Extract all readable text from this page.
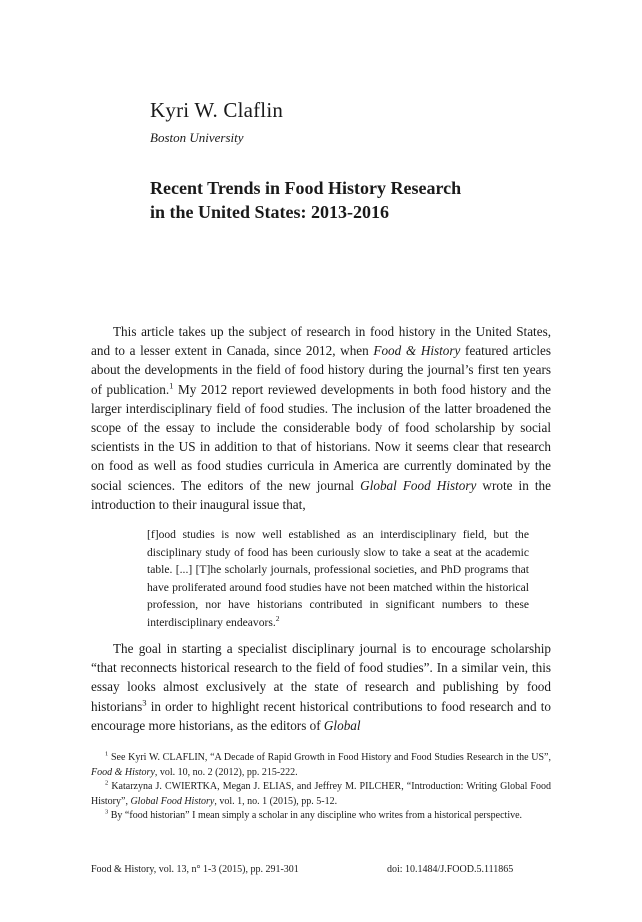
Kyri W. Claflin
Boston University
Recent Trends in Food History Research
in the United States: 2013-2016

This article takes up the subject of research in food history in the United States, and to a lesser extent in Canada, since 2012, when Food & History featured articles about the developments in the field of food history during the journal’s first ten years of publication.$^1$ My 2012 report reviewed developments in both food history and the larger interdisciplinary field of food studies. The inclusion of the latter broadened the scope of the essay to include the considerable body of food scholarship by social scientists in the US in addition to that of historians. Now it seems clear that research on food as well as food studies curricula in America are currently dominated by the social sciences. The editors of the new journal Global Food History wrote in the introduction to their inaugural issue that,

[f]ood studies is now well established as an interdisciplinary field, but the disciplinary study of food has been curiously slow to take a seat at the academic table. [...] [T]he scholarly journals, professional societies, and PhD programs that have proliferated around food studies have not been matched within the historical profession, nor have historians contributed in significant numbers to these interdisciplinary endeavors.$^2$

The goal in starting a specialist disciplinary journal is to encourage scholarship “that reconnects historical research to the field of food studies”. In a similar vein, this essay looks almost exclusively at the state of research and publishing by food historians$^3$ in order to highlight recent historical contributions to food research and to encourage more historians, as the editors of Global

$^1$ See Kyri W. CLAFLIN, “A Decade of Rapid Growth in Food History and Food Studies Research in the US”, Food & History, vol. 10, no. 2 (2012), pp. 215-222.

$^2$ Katarzyna J. CWIERTKA, Megan J. ELIAS, and Jeffrey M. PILCHER, “Introduction: Writing Global Food History”, Global Food History, vol. 1, no. 1 (2015), pp. 5-12.

$^3$ By “food historian” I mean simply a scholar in any discipline who writes from a historical perspective.

Food & History, vol. 13, n° 1-3 (2015), pp. 291-301	doi: 10.1484/J.FOOD.5.111865
